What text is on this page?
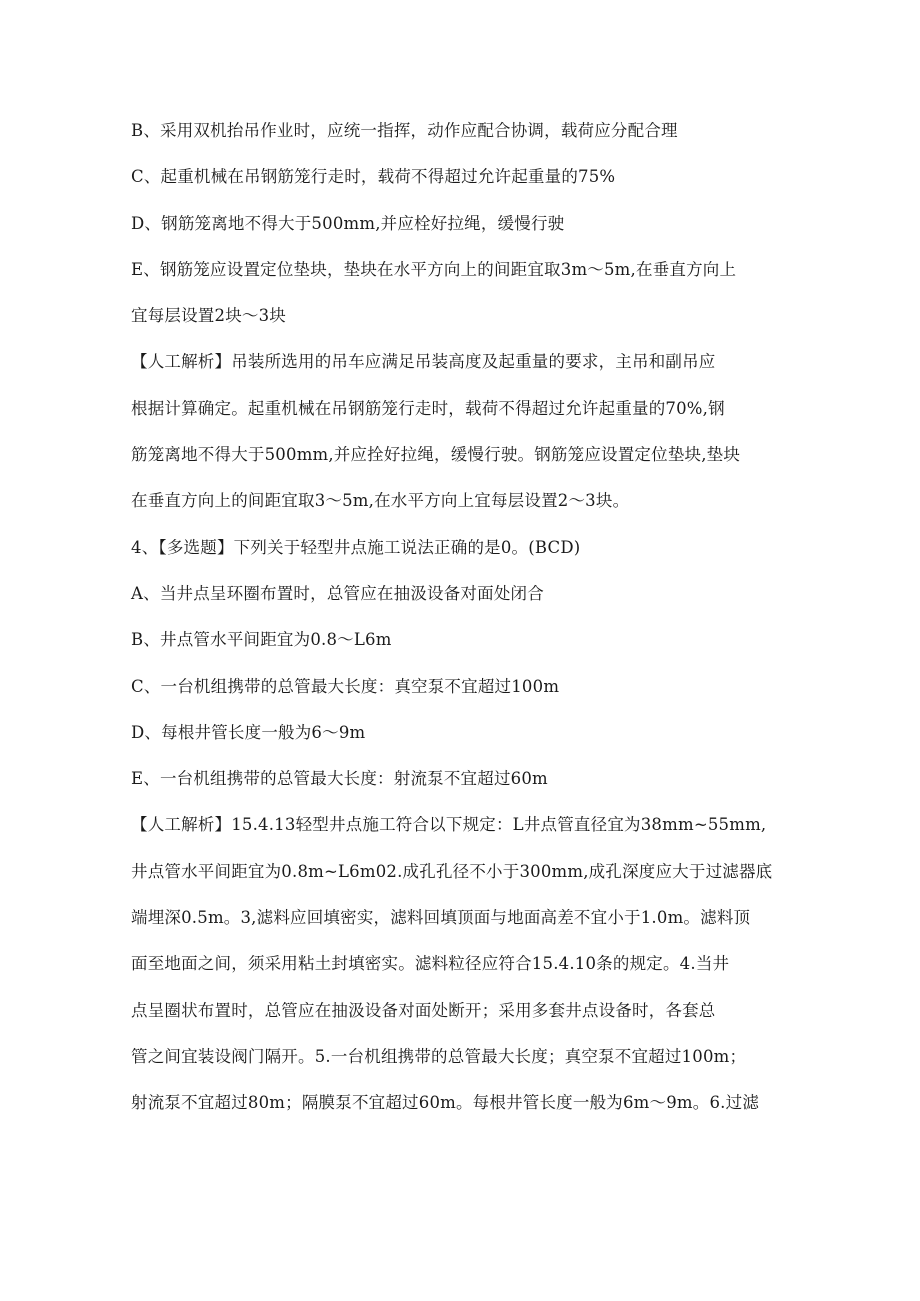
B、采用双机抬吊作业时，应统一指挥，动作应配合协调，载荷应分配合理
C、起重机械在吊钢筋笼行走时，载荷不得超过允许起重量的75%
D、钢筋笼离地不得大于500mm,并应栓好拉绳，缓慢行驶
E、钢筋笼应设置定位垫块，垫块在水平方向上的间距宜取3m〜5m,在垂直方向上
宜每层设置2块〜3块
【人工解析】吊装所选用的吊车应满足吊装高度及起重量的要求，主吊和副吊应
根据计算确定。起重机械在吊钢筋笼行走时，载荷不得超过允许起重量的70%,钢
筋笼离地不得大于500mm,并应拴好拉绳，缓慢行驶。钢筋笼应设置定位垫块,垫块
在垂直方向上的间距宜取3〜5m,在水平方向上宜每层设置2〜3块。
4、【多选题】下列关于轻型井点施工说法正确的是0。(BCD)
A、当井点呈环圈布置时，总管应在抽汲设备对面处闭合
B、井点管水平间距宜为0.8〜L6m
C、一台机组携带的总管最大长度：真空泵不宜超过100m
D、每根井管长度一般为6〜9m
E、一台机组携带的总管最大长度：射流泵不宜超过60m
【人工解析】15.4.13轻型井点施工符合以下规定：L井点管直径宜为38mm~55mm,
井点管水平间距宜为0.8m~L6m02.成孔孔径不小于300mm,成孔深度应大于过滤器底
端埋深0.5m。3,滤料应回填密实，滤料回填顶面与地面高差不宜小于1.0m。滤料顶
面至地面之间，须采用粘土封填密实。滤料粒径应符合15.4.10条的规定。4.当井
点呈圈状布置时，总管应在抽汲设备对面处断开；采用多套井点设备时，各套总
管之间宜装设阀门隔开。5.一台机组携带的总管最大长度；真空泵不宜超过100m；
射流泵不宜超过80m；隔膜泵不宜超过60m。每根井管长度一般为6m〜9m。6.过滤
